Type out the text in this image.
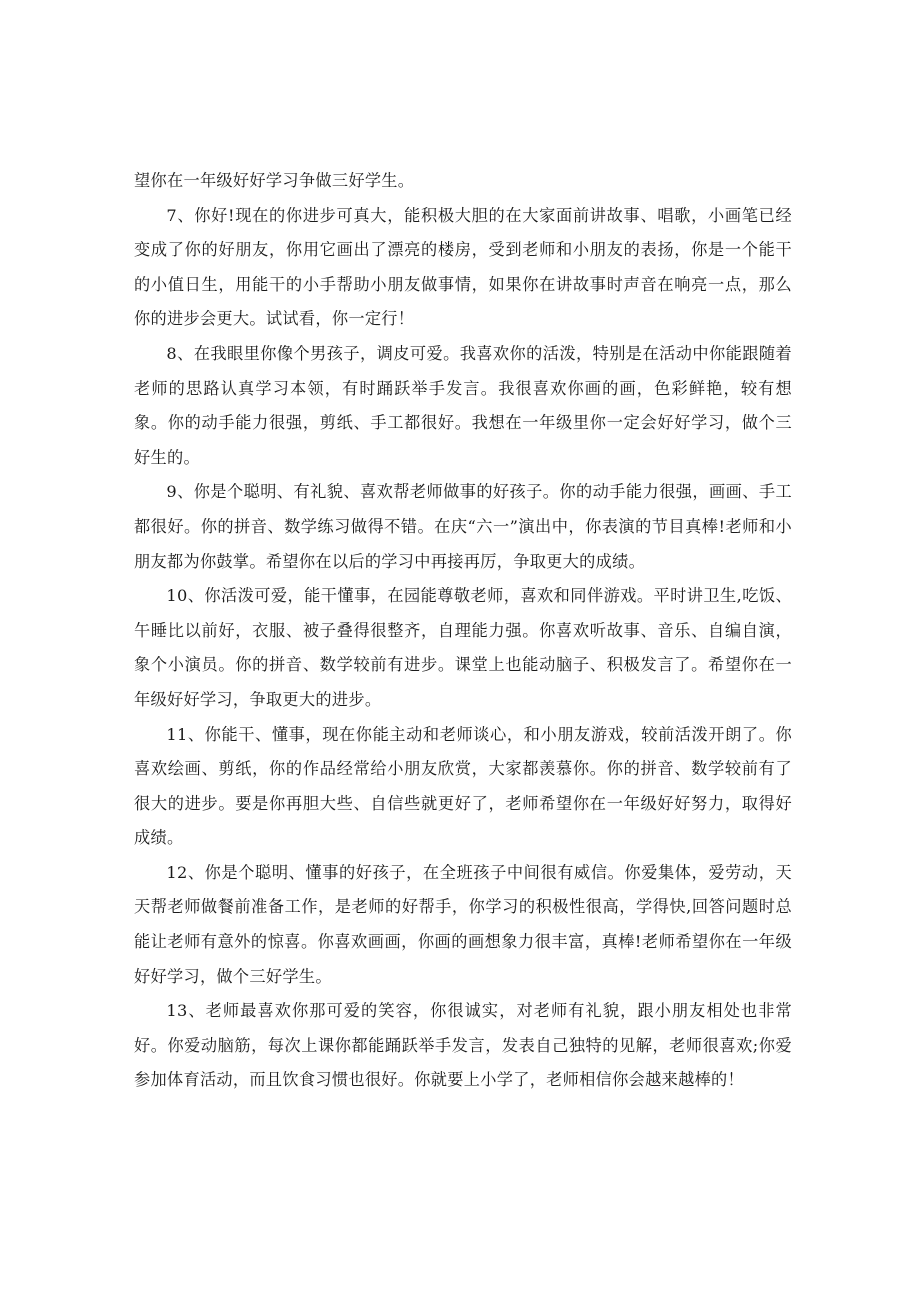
望你在一年级好好学习争做三好学生。

7、你好!现在的你进步可真大，能积极大胆的在大家面前讲故事、唱歌，小画笔已经变成了你的好朋友，你用它画出了漂亮的楼房，受到老师和小朋友的表扬，你是一个能干的小值日生，用能干的小手帮助小朋友做事情，如果你在讲故事时声音在响亮一点，那么你的进步会更大。试试看，你一定行！

8、在我眼里你像个男孩子，调皮可爱。我喜欢你的活泼，特别是在活动中你能跟随着老师的思路认真学习本领，有时踊跃举手发言。我很喜欢你画的画，色彩鲜艳，较有想象。你的动手能力很强，剪纸、手工都很好。我想在一年级里你一定会好好学习，做个三好生的。

9、你是个聪明、有礼貌、喜欢帮老师做事的好孩子。你的动手能力很强，画画、手工都很好。你的拼音、数学练习做得不错。在庆“六一”演出中，你表演的节目真棒!老师和小朋友都为你鼓掌。希望你在以后的学习中再接再厉，争取更大的成绩。

10、你活泼可爱，能干懂事，在园能尊敬老师，喜欢和同伴游戏。平时讲卫生,吃饭、午睡比以前好，衣服、被子叠得很整齐，自理能力强。你喜欢听故事、音乐、自编自演，象个小演员。你的拼音、数学较前有进步。课堂上也能动脑子、积极发言了。希望你在一年级好好学习，争取更大的进步。

11、你能干、懂事，现在你能主动和老师谈心，和小朋友游戏，较前活泼开朗了。你喜欢绘画、剪纸，你的作品经常给小朋友欣赏，大家都羡慕你。你的拼音、数学较前有了很大的进步。要是你再胆大些、自信些就更好了，老师希望你在一年级好好努力，取得好成绩。

12、你是个聪明、懂事的好孩子，在全班孩子中间很有威信。你爱集体，爱劳动，天天帮老师做餐前准备工作，是老师的好帮手，你学习的积极性很高，学得快,回答问题时总能让老师有意外的惊喜。你喜欢画画，你画的画想象力很丰富，真棒!老师希望你在一年级好好学习，做个三好学生。

13、老师最喜欢你那可爱的笑容，你很诚实，对老师有礼貌，跟小朋友相处也非常好。你爱动脑筋，每次上课你都能踊跃举手发言，发表自己独特的见解，老师很喜欢;你爱参加体育活动，而且饮食习惯也很好。你就要上小学了，老师相信你会越来越棒的！
